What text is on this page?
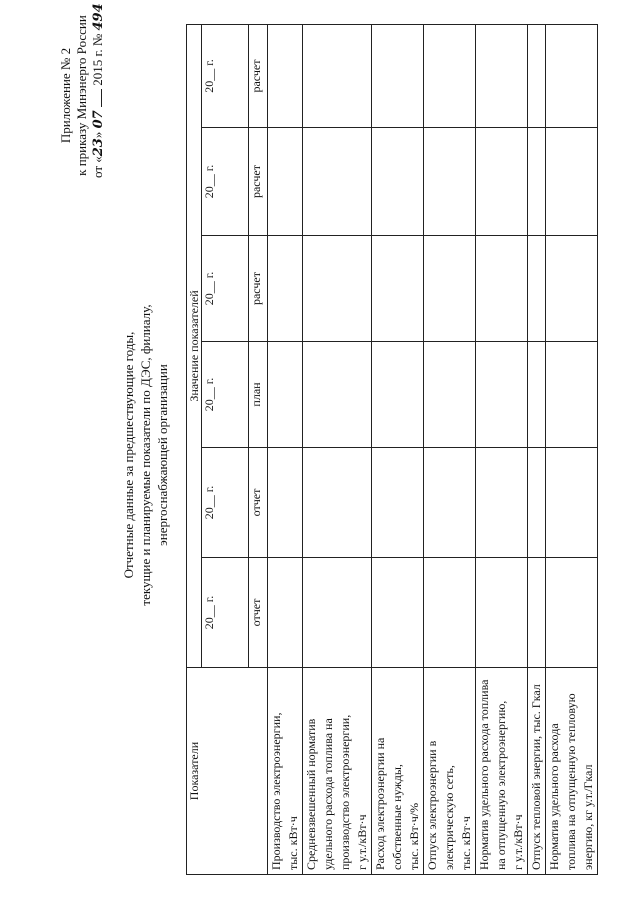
Приложение № 2 к приказу Минэнерго России от «23» 07  2015 г. № 494
Отчетные данные за предшествующие годы, текущие и планируемые показатели по ДЭС, филиалу, энергоснабжающей организации
Показатели	Значение показателей					
	20__ г.	20__ г.	20__ г.	20__ г.	20__ г.	20__ г.
	отчет	отчет	план	расчет	расчет	расчет

Производство электроэнергии, тыс. кВт·ч						

Средневзвешенный норматив удельного расхода топлива на производство электроэнергии, г у.т./кВт·ч						

Расход электроэнергии на собственные нужды, тыс. кВт·ч/%						

Отпуск электроэнергии в электрическую сеть, тыс. кВт·ч						

Норматив удельного расхода топлива на отпущенную электроэнергию, г у.т./кВт·ч						

Отпуск тепловой энергии, тыс. Гкал						

Норматив удельного расхода топлива на отпущенную тепловую энергию, кг у.т./Гкал						
